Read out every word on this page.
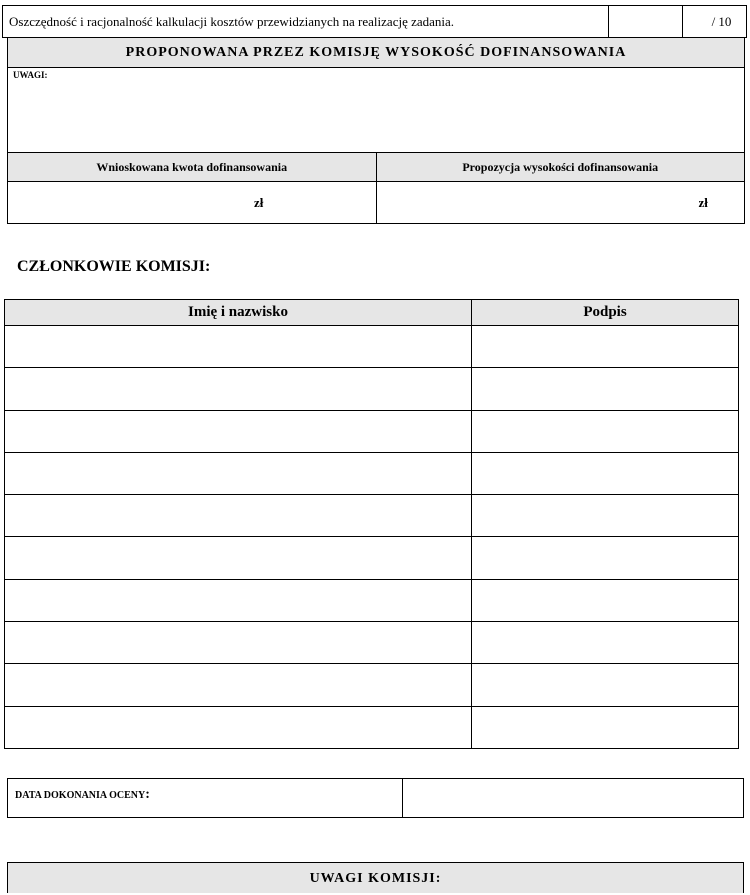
Oszczędność i racjonalność kalkulacji kosztów przewidzianych na realizację zadania.		/ 10
PROPONOWANA PRZEZ KOMISJĘ WYSOKOŚĆ DOFINANSOWANIA	
UWAGI:	
Wnioskowana kwota dofinansowania	Propozycja wysokości dofinansowania

zł	zł
CZŁONKOWIE KOMISJI:
Imię i nazwisko	Podpis

DATA DOKONANIA OCENY:	
UWAGI KOMISJI:
